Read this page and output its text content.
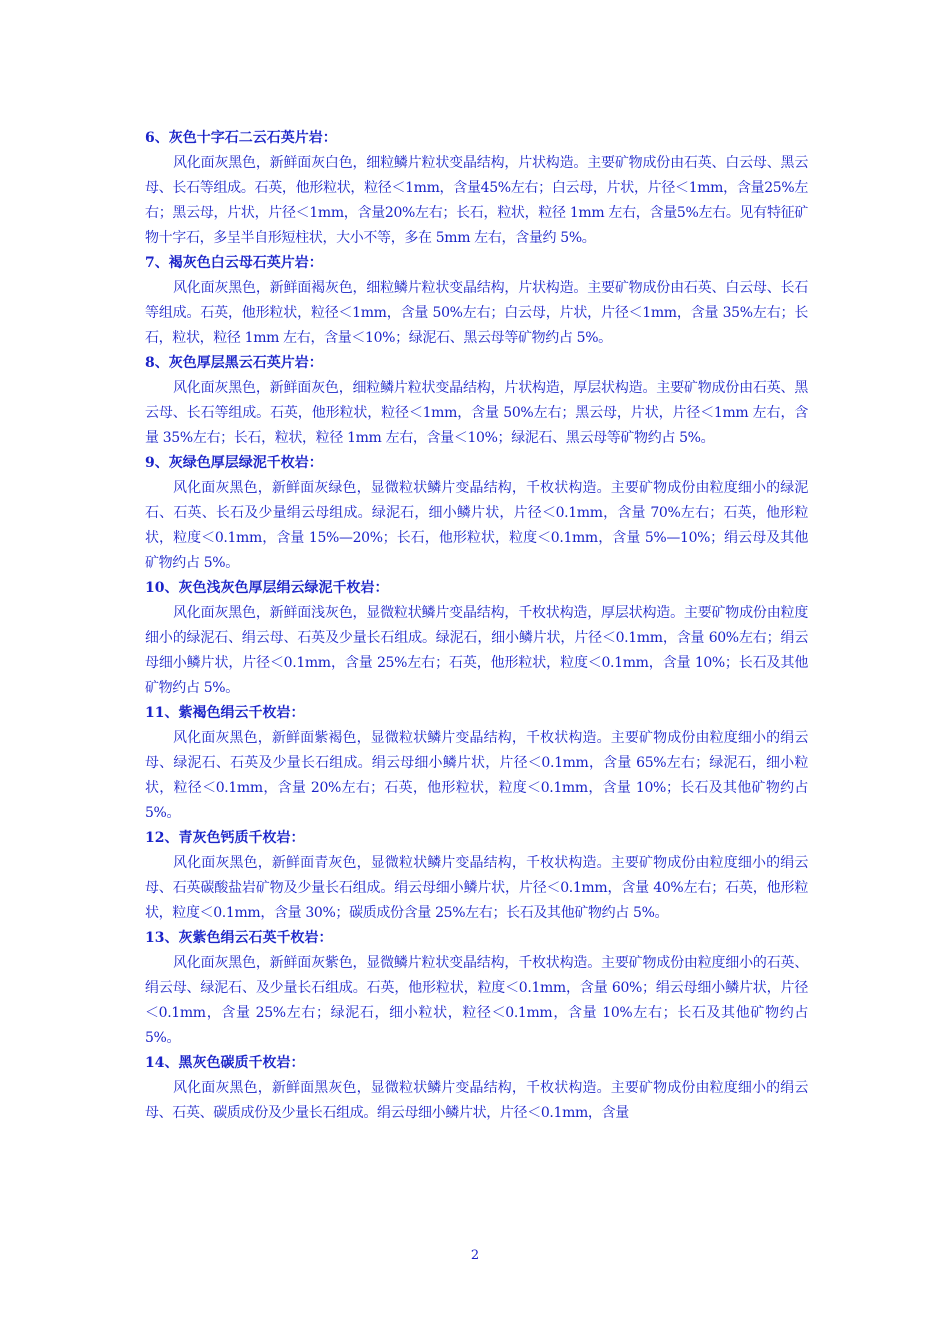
6、灰色十字石二云石英片岩：

风化面灰黑色，新鲜面灰白色，细粒鳞片粒状变晶结构，片状构造。主要矿物成份由石英、白云母、黑云母、长石等组成。石英，他形粒状，粒径＜1mm，含量45%左右；白云母，片状，片径＜1mm，含量25%左右；黑云母，片状，片径＜1mm，含量20%左右；长石，粒状，粒径 1mm 左右，含量5%左右。见有特征矿物十字石，多呈半自形短柱状，大小不等，多在 5mm 左右，含量约 5%。

7、褐灰色白云母石英片岩：

风化面灰黑色，新鲜面褐灰色，细粒鳞片粒状变晶结构，片状构造。主要矿物成份由石英、白云母、长石等组成。石英，他形粒状，粒径＜1mm，含量 50%左右；白云母，片状，片径＜1mm，含量 35%左右；长石，粒状，粒径 1mm 左右，含量＜10%；绿泥石、黑云母等矿物约占 5%。

8、灰色厚层黑云石英片岩：

风化面灰黑色，新鲜面灰色，细粒鳞片粒状变晶结构，片状构造，厚层状构造。主要矿物成份由石英、黑云母、长石等组成。石英，他形粒状，粒径＜1mm，含量 50%左右；黑云母，片状，片径＜1mm 左右，含量 35%左右；长石，粒状，粒径 1mm 左右，含量＜10%；绿泥石、黑云母等矿物约占 5%。

9、灰绿色厚层绿泥千枚岩：

风化面灰黑色，新鲜面灰绿色，显微粒状鳞片变晶结构，千枚状构造。主要矿物成份由粒度细小的绿泥石、石英、长石及少量绢云母组成。绿泥石，细小鳞片状，片径＜0.1mm，含量 70%左右；石英，他形粒状，粒度＜0.1mm，含量 15%—20%；长石，他形粒状，粒度＜0.1mm，含量 5%—10%；绢云母及其他矿物约占 5%。

10、灰色浅灰色厚层绢云绿泥千枚岩：

风化面灰黑色，新鲜面浅灰色，显微粒状鳞片变晶结构，千枚状构造，厚层状构造。主要矿物成份由粒度细小的绿泥石、绢云母、石英及少量长石组成。绿泥石，细小鳞片状，片径＜0.1mm，含量 60%左右；绢云母细小鳞片状，片径＜0.1mm，含量 25%左右；石英，他形粒状，粒度＜0.1mm，含量 10%；长石及其他矿物约占 5%。

11、紫褐色绢云千枚岩：

风化面灰黑色，新鲜面紫褐色，显微粒状鳞片变晶结构，千枚状构造。主要矿物成份由粒度细小的绢云母、绿泥石、石英及少量长石组成。绢云母细小鳞片状，片径＜0.1mm，含量 65%左右；绿泥石，细小粒状，粒径＜0.1mm，含量 20%左右；石英，他形粒状，粒度＜0.1mm，含量 10%；长石及其他矿物约占 5%。

12、青灰色钙质千枚岩：

风化面灰黑色，新鲜面青灰色，显微粒状鳞片变晶结构，千枚状构造。主要矿物成份由粒度细小的绢云母、石英碳酸盐岩矿物及少量长石组成。绢云母细小鳞片状，片径＜0.1mm，含量 40%左右；石英，他形粒状，粒度＜0.1mm，含量 30%；碳质成份含量 25%左右；长石及其他矿物约占 5%。

13、灰紫色绢云石英千枚岩：

风化面灰黑色，新鲜面灰紫色，显微鳞片粒状变晶结构，千枚状构造。主要矿物成份由粒度细小的石英、绢云母、绿泥石、及少量长石组成。石英，他形粒状，粒度＜0.1mm，含量 60%；绢云母细小鳞片状，片径＜0.1mm，含量 25%左右；绿泥石，细小粒状，粒径＜0.1mm，含量 10%左右；长石及其他矿物约占 5%。

14、黑灰色碳质千枚岩：

风化面灰黑色，新鲜面黑灰色，显微粒状鳞片变晶结构，千枚状构造。主要矿物成份由粒度细小的绢云母、石英、碳质成份及少量长石组成。绢云母细小鳞片状，片径＜0.1mm，含量

2
